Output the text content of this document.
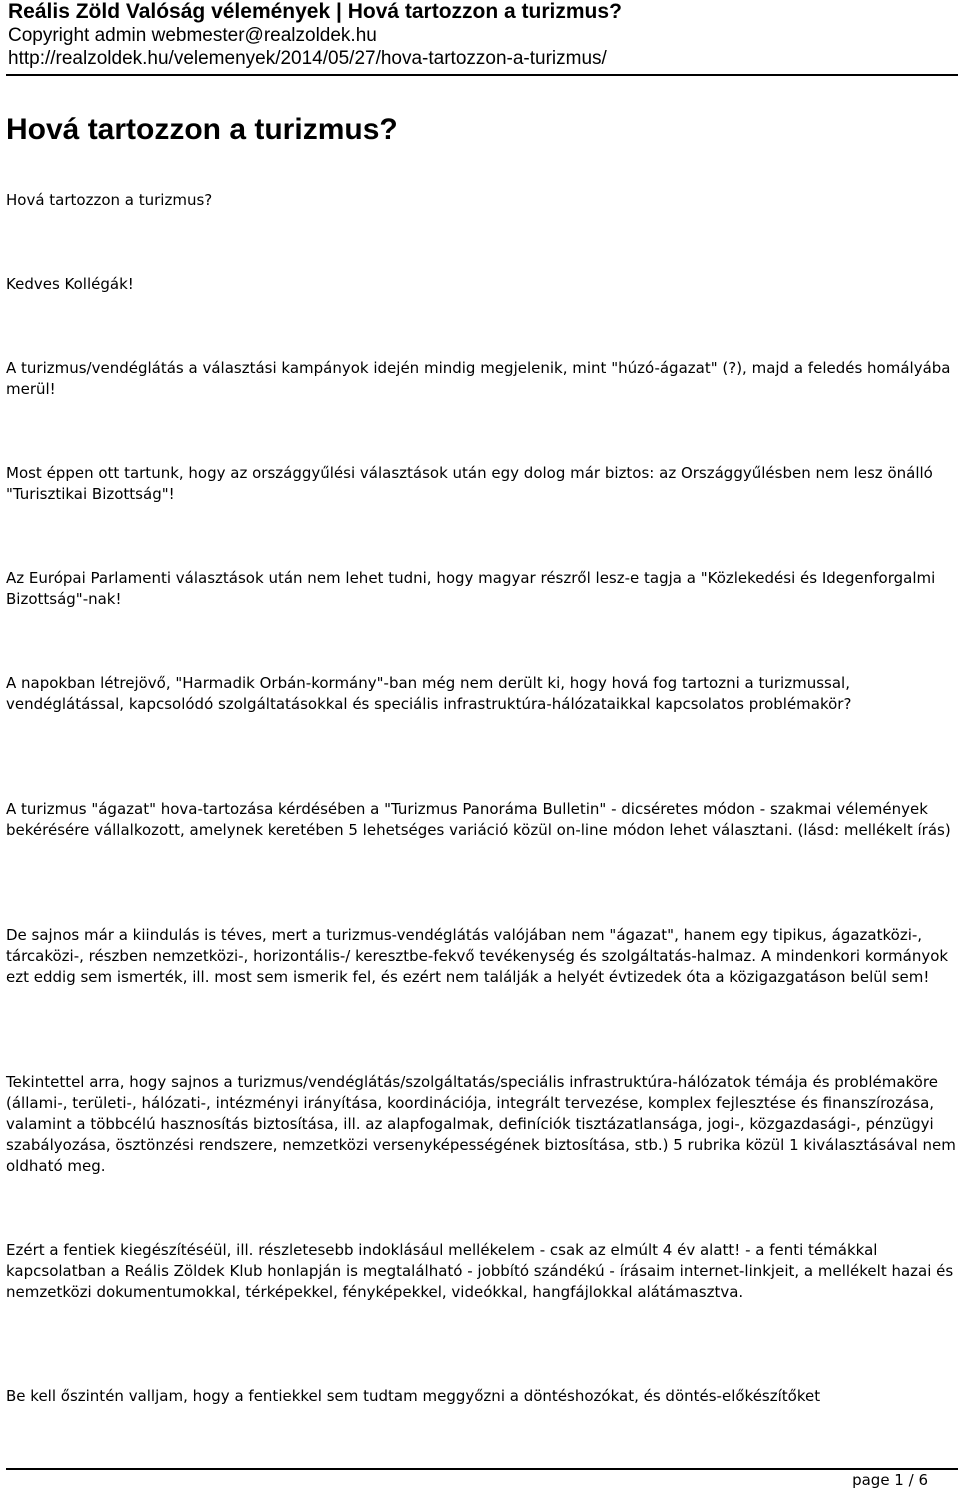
Reális Zöld Valóság vélemények | Hová tartozzon a turizmus?
Copyright admin webmester@realzoldek.hu
http://realzoldek.hu/velemenyek/2014/05/27/hova-tartozzon-a-turizmus/
Hová tartozzon a turizmus?

Hová tartozzon a turizmus?

Kedves Kollégák!

A turizmus/vendéglátás a választási kampányok idején mindig megjelenik, mint "húzó-ágazat" (?), majd a feledés homályába merül!

Most éppen ott tartunk, hogy az országgyűlési választások után egy dolog már biztos: az Országgyűlésben nem lesz önálló "Turisztikai Bizottság"!

Az Európai Parlamenti választások után nem lehet tudni, hogy magyar részről lesz-e tagja a "Közlekedési és Idegenforgalmi Bizottság"-nak!

A napokban létrejövő, "Harmadik Orbán-kormány"-ban még nem derült ki, hogy hová fog tartozni a turizmussal, vendéglátással, kapcsolódó szolgáltatásokkal és speciális infrastruktúra-hálózataikkal kapcsolatos problémakör?

A turizmus "ágazat" hova-tartozása kérdésében a "Turizmus Panoráma Bulletin" - dicséretes módon - szakmai vélemények bekérésére vállalkozott, amelynek keretében 5 lehetséges variáció közül on-line módon lehet választani. (lásd: mellékelt írás)

De sajnos már a kiindulás is téves, mert a turizmus-vendéglátás valójában nem "ágazat", hanem egy tipikus, ágazatközi-, tárcaközi-, részben nemzetközi-, horizontális-/ keresztbe-fekvő tevékenység és szolgáltatás-halmaz. A mindenkori kormányok ezt eddig sem ismerték, ill. most sem ismerik fel, és ezért nem találják a helyét évtizedek óta a közigazgatáson belül sem!

Tekintettel arra, hogy sajnos a turizmus/vendéglátás/szolgáltatás/speciális infrastruktúra-hálózatok témája és problémaköre (állami-, területi-, hálózati-, intézményi irányítása, koordinációja, integrált tervezése, komplex fejlesztése és finanszírozása, valamint a többcélú hasznosítás biztosítása, ill. az alapfogalmak, definíciók tisztázatlansága, jogi-, közgazdasági-, pénzügyi szabályozása, ösztönzési rendszere, nemzetközi versenyképességének biztosítása, stb.) 5 rubrika közül 1 kiválasztásával nem oldható meg.

Ezért a fentiek kiegészítéséül, ill. részletesebb indoklásául mellékelem - csak az elmúlt 4 év alatt! - a fenti témákkal kapcsolatban a Reális Zöldek Klub honlapján is megtalálható - jobbító szándékú - írásaim internet-linkjeit, a mellékelt hazai és nemzetközi dokumentumokkal, térképekkel, fényképekkel, videókkal, hangfájlokkal alátámasztva.

Be kell őszintén valljam, hogy a fentiekkel sem tudtam meggyőzni a döntéshozókat, és döntés-előkészítőket

page 1 / 6
